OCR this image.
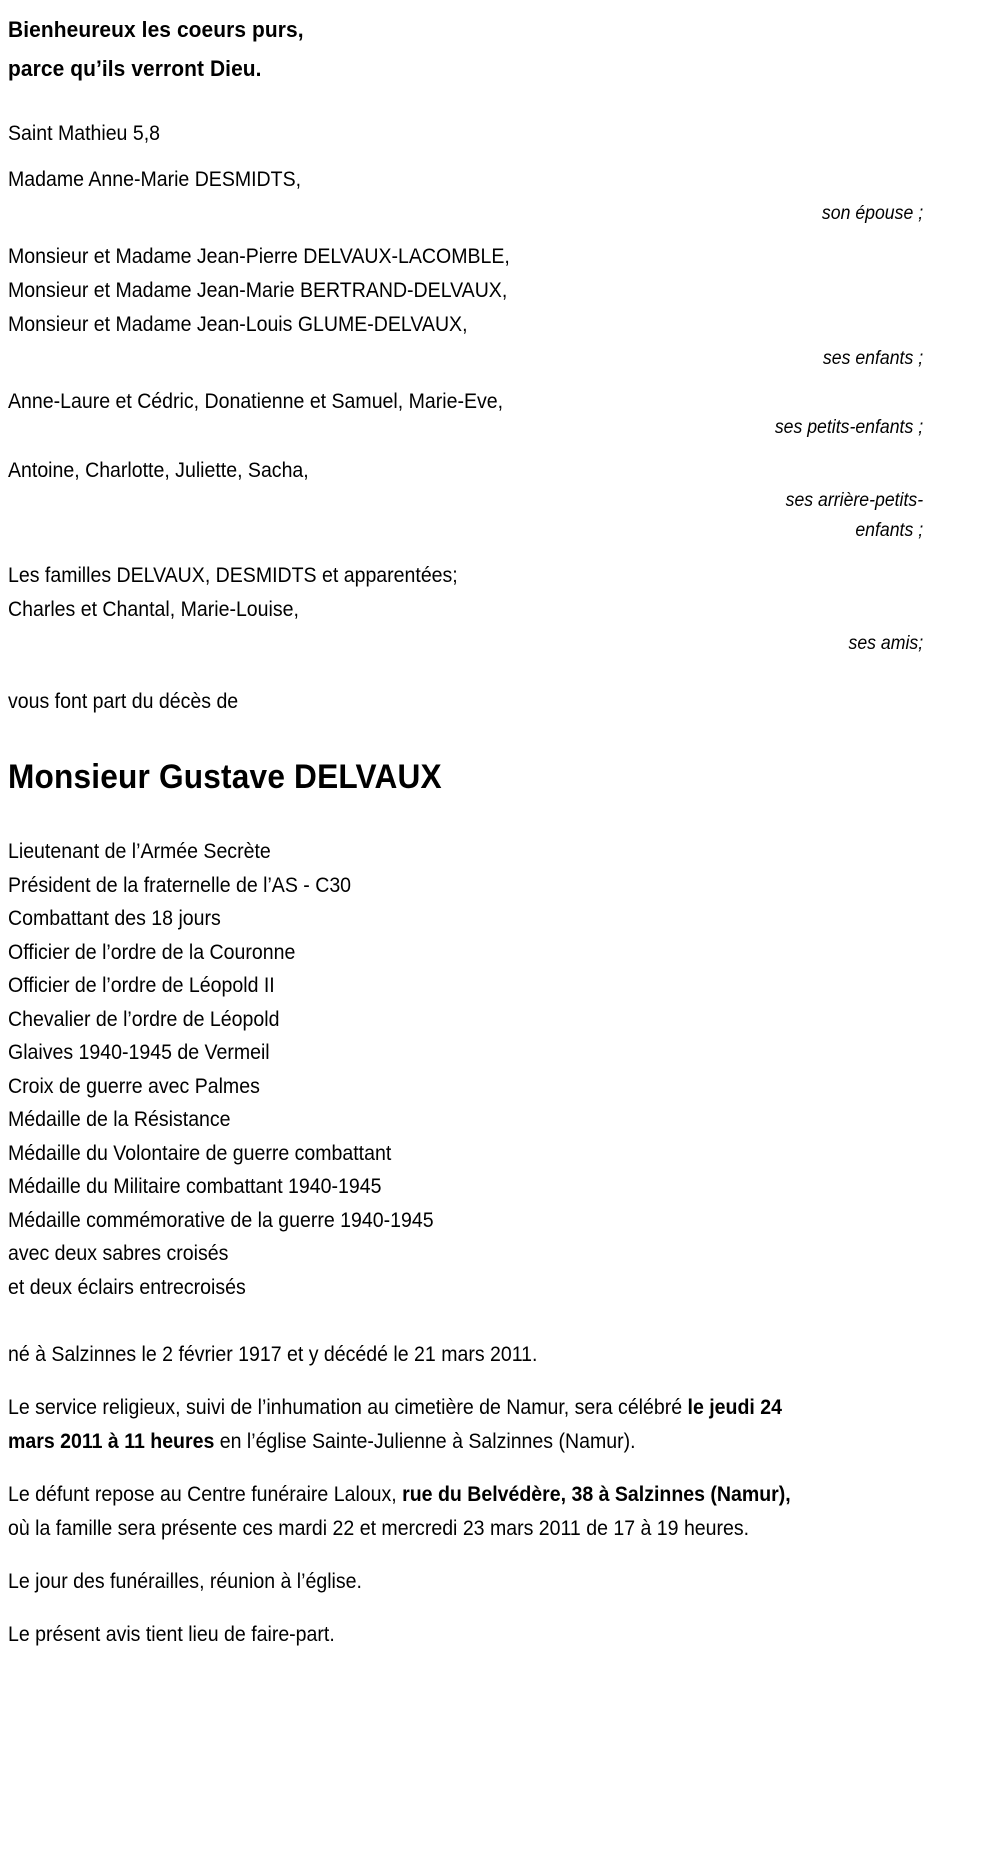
Bienheureux les coeurs purs,
parce qu’ils verront Dieu.
Saint Mathieu 5,8
Madame Anne-Marie DESMIDTS,
son épouse ;
Monsieur et Madame Jean-Pierre DELVAUX-LACOMBLE,
Monsieur et Madame Jean-Marie BERTRAND-DELVAUX,
Monsieur et Madame Jean-Louis GLUME-DELVAUX,
ses enfants ;
Anne-Laure et Cédric, Donatienne et Samuel, Marie-Eve,
ses petits-enfants ;
Antoine, Charlotte, Juliette, Sacha,
ses arrière-petits-
enfants ;
Les familles DELVAUX, DESMIDTS et apparentées;
Charles et Chantal, Marie-Louise,
ses amis;
vous font part du décès de
Monsieur Gustave DELVAUX
Lieutenant de l’Armée Secrète
Président de la fraternelle de l’AS - C30
Combattant des 18 jours
Officier de l’ordre de la Couronne
Officier de l’ordre de Léopold II
Chevalier de l’ordre de Léopold
Glaives 1940-1945 de Vermeil
Croix de guerre avec Palmes
Médaille de la Résistance
Médaille du Volontaire de guerre combattant
Médaille du Militaire combattant 1940-1945
Médaille commémorative de la guerre 1940-1945
avec deux sabres croisés
et deux éclairs entrecroisés
né à Salzinnes le 2 février 1917 et y décédé le 21 mars 2011.
Le service religieux, suivi de l’inhumation au cimetière de Namur, sera célébré le jeudi 24 mars 2011 à 11 heures en l’église Sainte-Julienne à Salzinnes (Namur).
Le défunt repose au Centre funéraire Laloux, rue du Belvédère, 38 à Salzinnes (Namur), où la famille sera présente ces mardi 22 et mercredi 23 mars 2011 de 17 à 19 heures.
Le jour des funérailles, réunion à l’église.
Le présent avis tient lieu de faire-part.
